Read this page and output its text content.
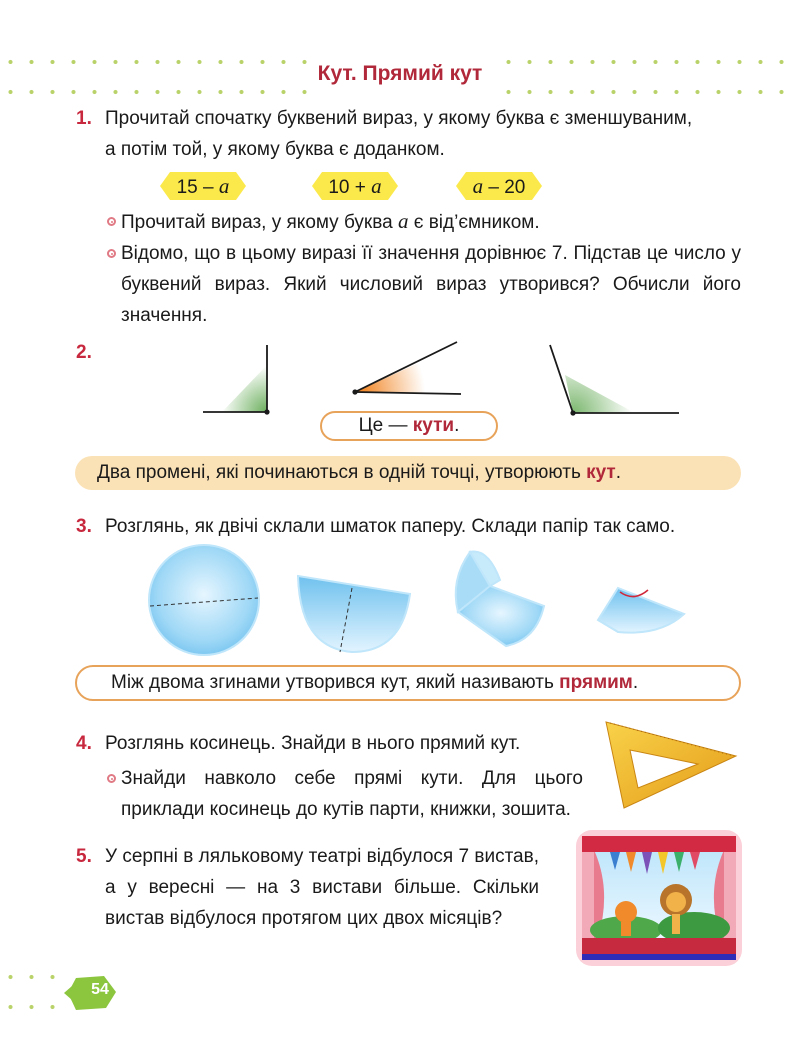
Кут. Прямий кут
1. Прочитай спочатку буквений вираз, у якому буква є зменшуваним,
а потім той, у якому буква є доданком.
15 – a	10 + a	a – 20
Прочитай вираз, у якому буква a є від’ємником.
Відомо, що в цьому виразі її значення дорівнює 7. Підстав це число у буквений вираз. Який числовий вираз утворився? Обчисли його значення.
2.
Це — кути.
Два промені, які починаються в одній точці, утворюють кут.
3. Розглянь, як двічі склали шматок паперу. Склади папір так само.
Між двома згинами утворився кут, який називають прямим.
4. Розглянь косинець. Знайди в нього прямий кут.
Знайди навколо себе прямі кути. Для цього приклади косинець до кутів парти, книжки, зошита.
5. У серпні в ляльковому театрі відбулося 7 вистав, а у вересні — на 3 вистави більше. Скільки вистав відбулося протягом цих двох місяців?
54
